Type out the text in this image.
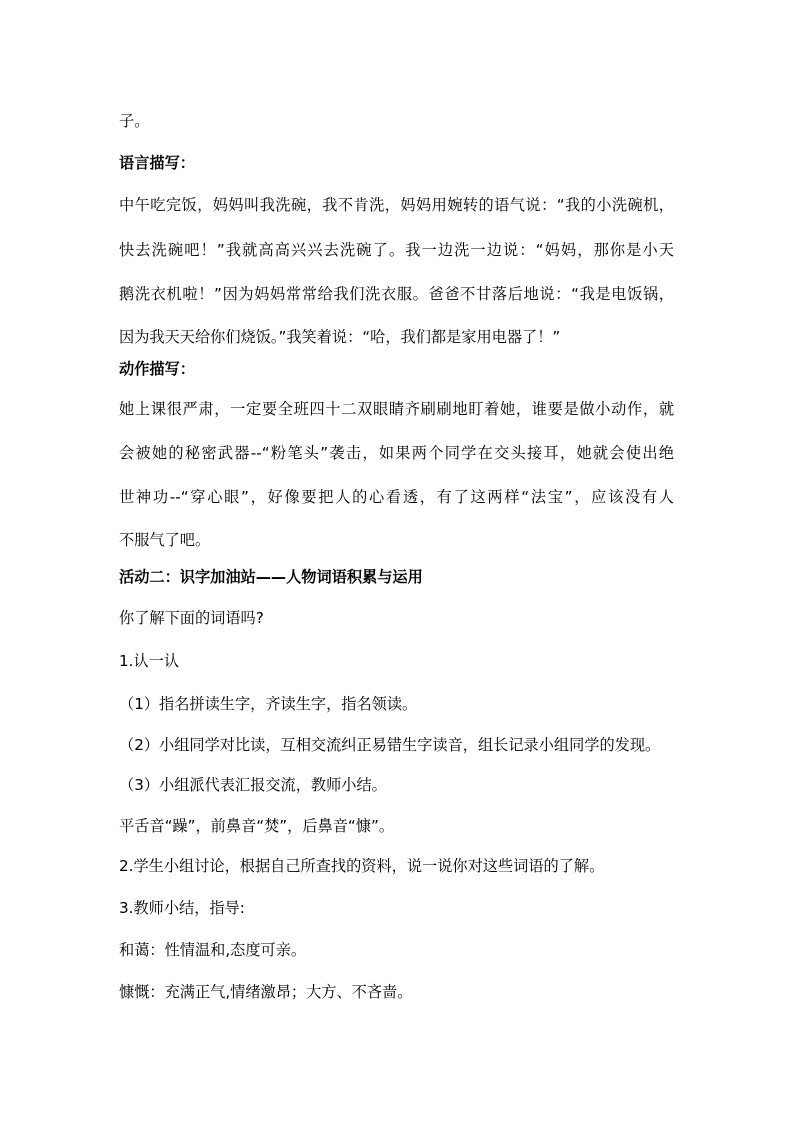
子。
语言描写：
中午吃完饭，妈妈叫我洗碗，我不肯洗，妈妈用婉转的语气说：“我的小洗碗机，
快去洗碗吧！”我就高高兴兴去洗碗了。我一边洗一边说：“妈妈，那你是小天
鹅洗衣机啦！”因为妈妈常常给我们洗衣服。爸爸不甘落后地说：“我是电饭锅，
因为我天天给你们烧饭。”我笑着说：“哈，我们都是家用电器了！”
动作描写：
她上课很严肃，一定要全班四十二双眼睛齐刷刷地盯着她，谁要是做小动作，就
会被她的秘密武器--“粉笔头”袭击，如果两个同学在交头接耳，她就会使出绝
世神功--“穿心眼”，好像要把人的心看透，有了这两样“法宝”，应该没有人
不服气了吧。
活动二：识字加油站——人物词语积累与运用
你了解下面的词语吗?
1.认一认
（1）指名拼读生字，齐读生字，指名领读。
（2）小组同学对比读，互相交流纠正易错生字读音，组长记录小组同学的发现。
（3）小组派代表汇报交流，教师小结。
平舌音“躁”，前鼻音“焚”，后鼻音“慷”。
2.学生小组讨论，根据自己所查找的资料，说一说你对这些词语的了解。
3.教师小结，指导:
和蔼：性情温和,态度可亲。
慷慨：充满正气,情绪激昂；大方、不吝啬。
